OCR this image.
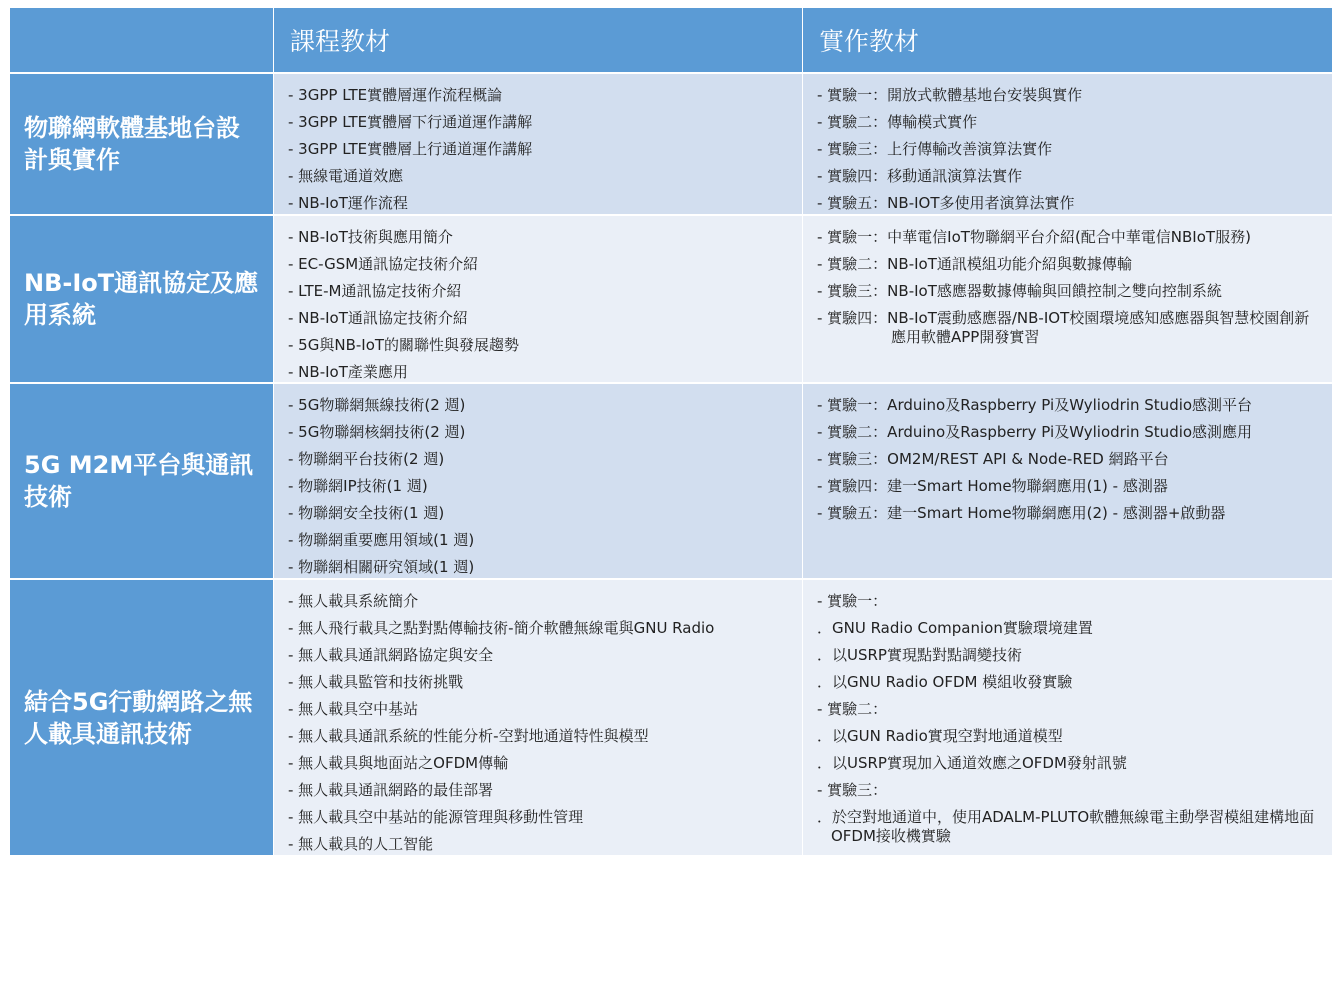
課程教材	實作教材
物聯網軟體基地台設計與實作
- 3GPP LTE實體層運作流程概論
- 3GPP LTE實體層下行通道運作講解
- 3GPP LTE實體層上行通道運作講解
- 無線電通道效應
- NB-IoT運作流程
- 實驗一：開放式軟體基地台安裝與實作
- 實驗二：傳輸模式實作
- 實驗三：上行傳輸改善演算法實作
- 實驗四：移動通訊演算法實作
- 實驗五：NB-IOT多使用者演算法實作
NB-IoT通訊協定及應用系統
- NB-IoT技術與應用簡介
- EC-GSM通訊協定技術介紹
- LTE-M通訊協定技術介紹
- NB-IoT通訊協定技術介紹
- 5G與NB-IoT的關聯性與發展趨勢
- NB-IoT產業應用
- 實驗一：中華電信IoT物聯網平台介紹(配合中華電信NBIoT服務)
- 實驗二：NB-IoT通訊模組功能介紹與數據傳輸
- 實驗三：NB-IoT感應器數據傳輸與回饋控制之雙向控制系統
- 實驗四：NB-IoT震動感應器/NB-IOT校園環境感知感應器與智慧校園創新應用軟體APP開發實習
5G M2M平台與通訊技術
- 5G物聯網無線技術(2 週)
- 5G物聯網核網技術(2 週)
- 物聯網平台技術(2 週)
- 物聯網IP技術(1 週)
- 物聯網安全技術(1 週)
- 物聯網重要應用領域(1 週)
- 物聯網相關研究領域(1 週)
- 實驗一：Arduino及Raspberry Pi及Wyliodrin Studio感測平台
- 實驗二：Arduino及Raspberry Pi及Wyliodrin Studio感測應用
- 實驗三：OM2M/REST API & Node-RED 網路平台
- 實驗四：建一Smart Home物聯網應用(1) - 感測器
- 實驗五：建一Smart Home物聯網應用(2) - 感測器+啟動器
結合5G行動網路之無人載具通訊技術
- 無人載具系統簡介
- 無人飛行載具之點對點傳輸技術-簡介軟體無線電與GNU Radio
- 無人載具通訊網路協定與安全
- 無人載具監管和技術挑戰
- 無人載具空中基站
- 無人載具通訊系統的性能分析-空對地通道特性與模型
- 無人載具與地面站之OFDM傳輸
- 無人載具通訊網路的最佳部署
- 無人載具空中基站的能源管理與移動性管理
- 無人載具的人工智能
- 實驗一：
．GNU Radio Companion實驗環境建置
．以USRP實現點對點調變技術
．以GNU Radio OFDM 模組收發實驗
- 實驗二：
．以GUN Radio實現空對地通道模型
．以USRP實現加入通道效應之OFDM發射訊號
- 實驗三：
．於空對地通道中，使用ADALM-PLUTO軟體無線電主動學習模組建構地面OFDM接收機實驗
